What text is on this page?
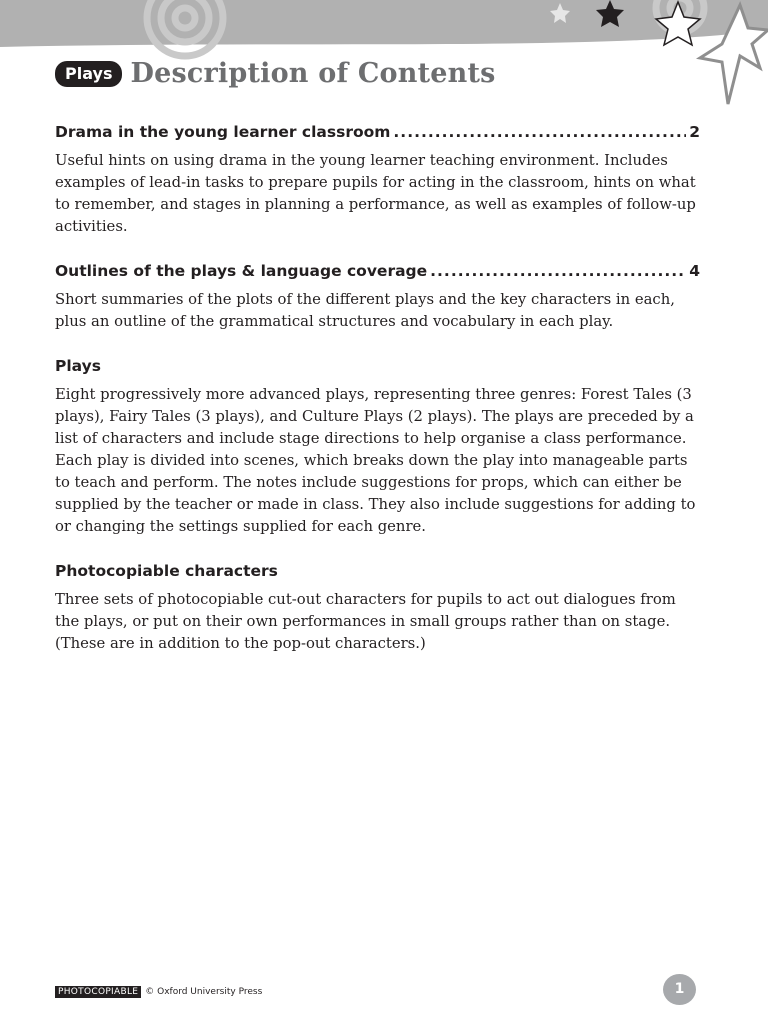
Plays Description of Contents
Drama in the young learner classroom .....	2

Useful hints on using drama in the young learner teaching environment. Includes examples of lead-in tasks to prepare pupils for acting in the classroom, hints on what to remember, and stages in planning a performance, as well as examples of follow-up activities.

Outlines of the plays & language coverage .....	4

Short summaries of the plots of the different plays and the key characters in each, plus an outline of the grammatical structures and vocabulary in each play.

Plays

Eight progressively more advanced plays, representing three genres: Forest Tales (3 plays), Fairy Tales (3 plays), and Culture Plays (2 plays). The plays are preceded by a list of characters and include stage directions to help organise a class performance. Each play is divided into scenes, which breaks down the play into manageable parts to teach and perform. The notes include suggestions for props, which can either be supplied by the teacher or made in class. They also include suggestions for adding to or changing the settings supplied for each genre.

Photocopiable characters

Three sets of photocopiable cut-out characters for pupils to act out dialogues from the plays, or put on their own performances in small groups rather than on stage. (These are in addition to the pop-out characters.)

PHOTOCOPIABLE © Oxford University Press	1
